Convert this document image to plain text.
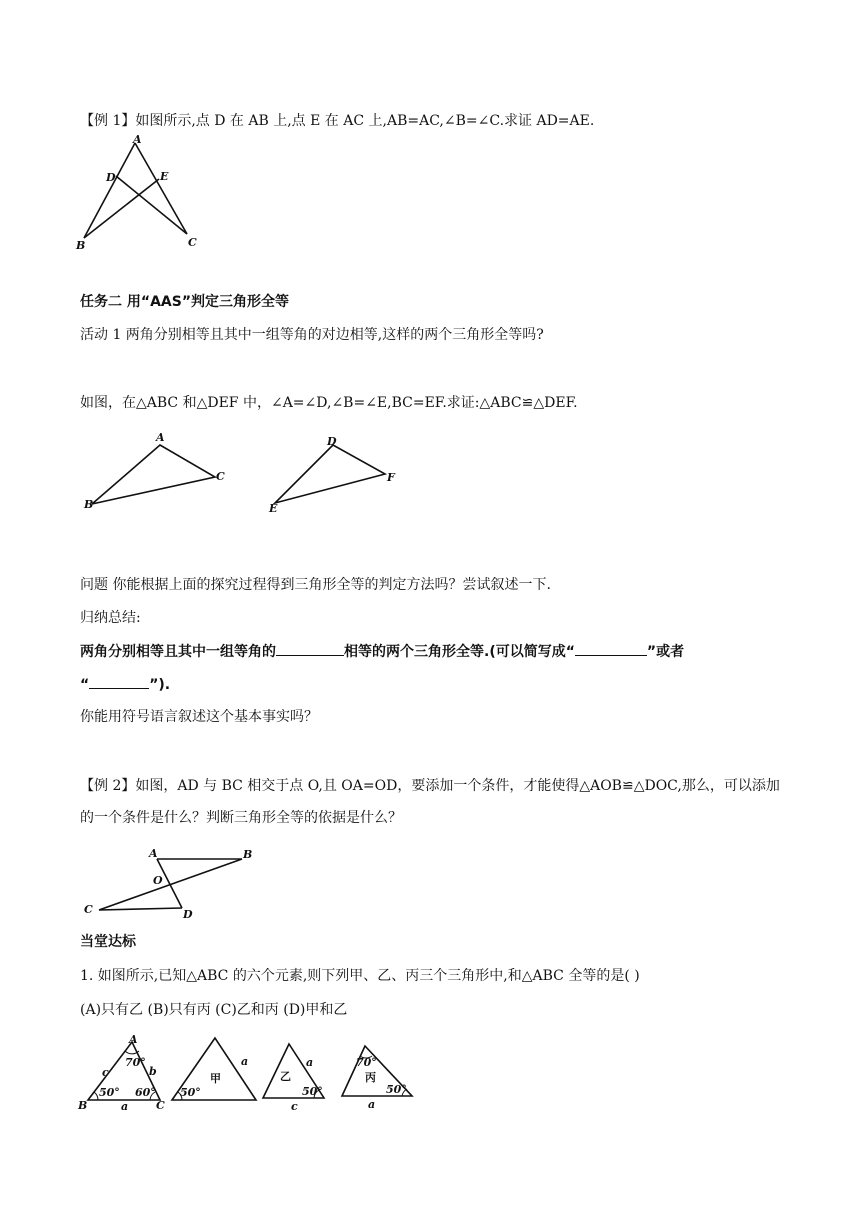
【例 1】如图所示,点 D 在 AB 上,点 E 在 AC 上,AB=AC,∠B=∠C.求证 AD=AE.
A
D	E
B	C
任务二 用“AAS”判定三角形全等
活动 1 两角分别相等且其中一组等角的对边相等,这样的两个三角形全等吗?
如图，在△ABC 和△DEF 中，∠A=∠D,∠B=∠E,BC=EF.求证:△ABC≌△DEF.
A
B
C
D
E
F
问题 你能根据上面的探究过程得到三角形全等的判定方法吗？尝试叙述一下.
归纳总结:
两角分别相等且其中一组等角的	相等的两个三角形全等.(可以简写成“	”或者
“	”).
你能用符号语言叙述这个基本事实吗？
【例 2】如图，AD 与 BC 相交于点 O,且 OA=OD，要添加一个条件，才能使得△AOB≌△DOC,那么，可以添加
的一个条件是什么？判断三角形全等的依据是什么？
A	B
O
C	D
当堂达标
1. 如图所示,已知△ABC 的六个元素,则下列甲、乙、丙三个三角形中,和△ABC 全等的是( )
(A)只有乙 (B)只有丙 (C)乙和丙 (D)甲和乙
A
70°
c	b
50° 60°
B	C
a
甲
a
50°
乙
a
50°
c
70°
丙
50°
a
